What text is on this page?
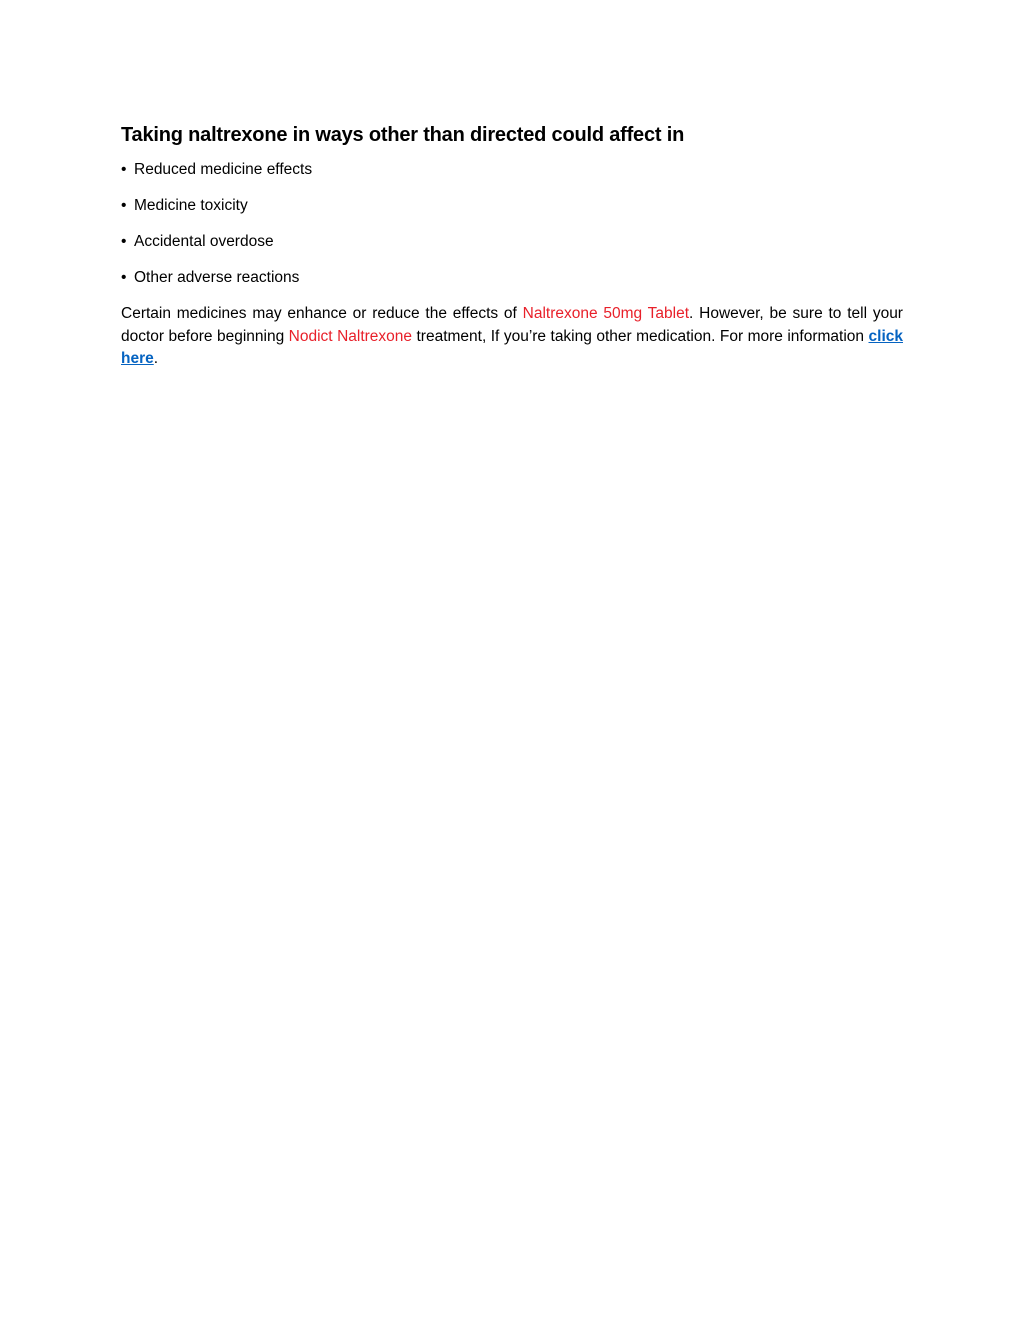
Taking naltrexone in ways other than directed could affect in
• Reduced medicine effects
• Medicine toxicity
• Accidental overdose
• Other adverse reactions

Certain medicines may enhance or reduce the effects of Naltrexone 50mg Tablet. However, be sure to tell your doctor before beginning Nodict Naltrexone treatment, If you’re taking other medication. For more information click here.
